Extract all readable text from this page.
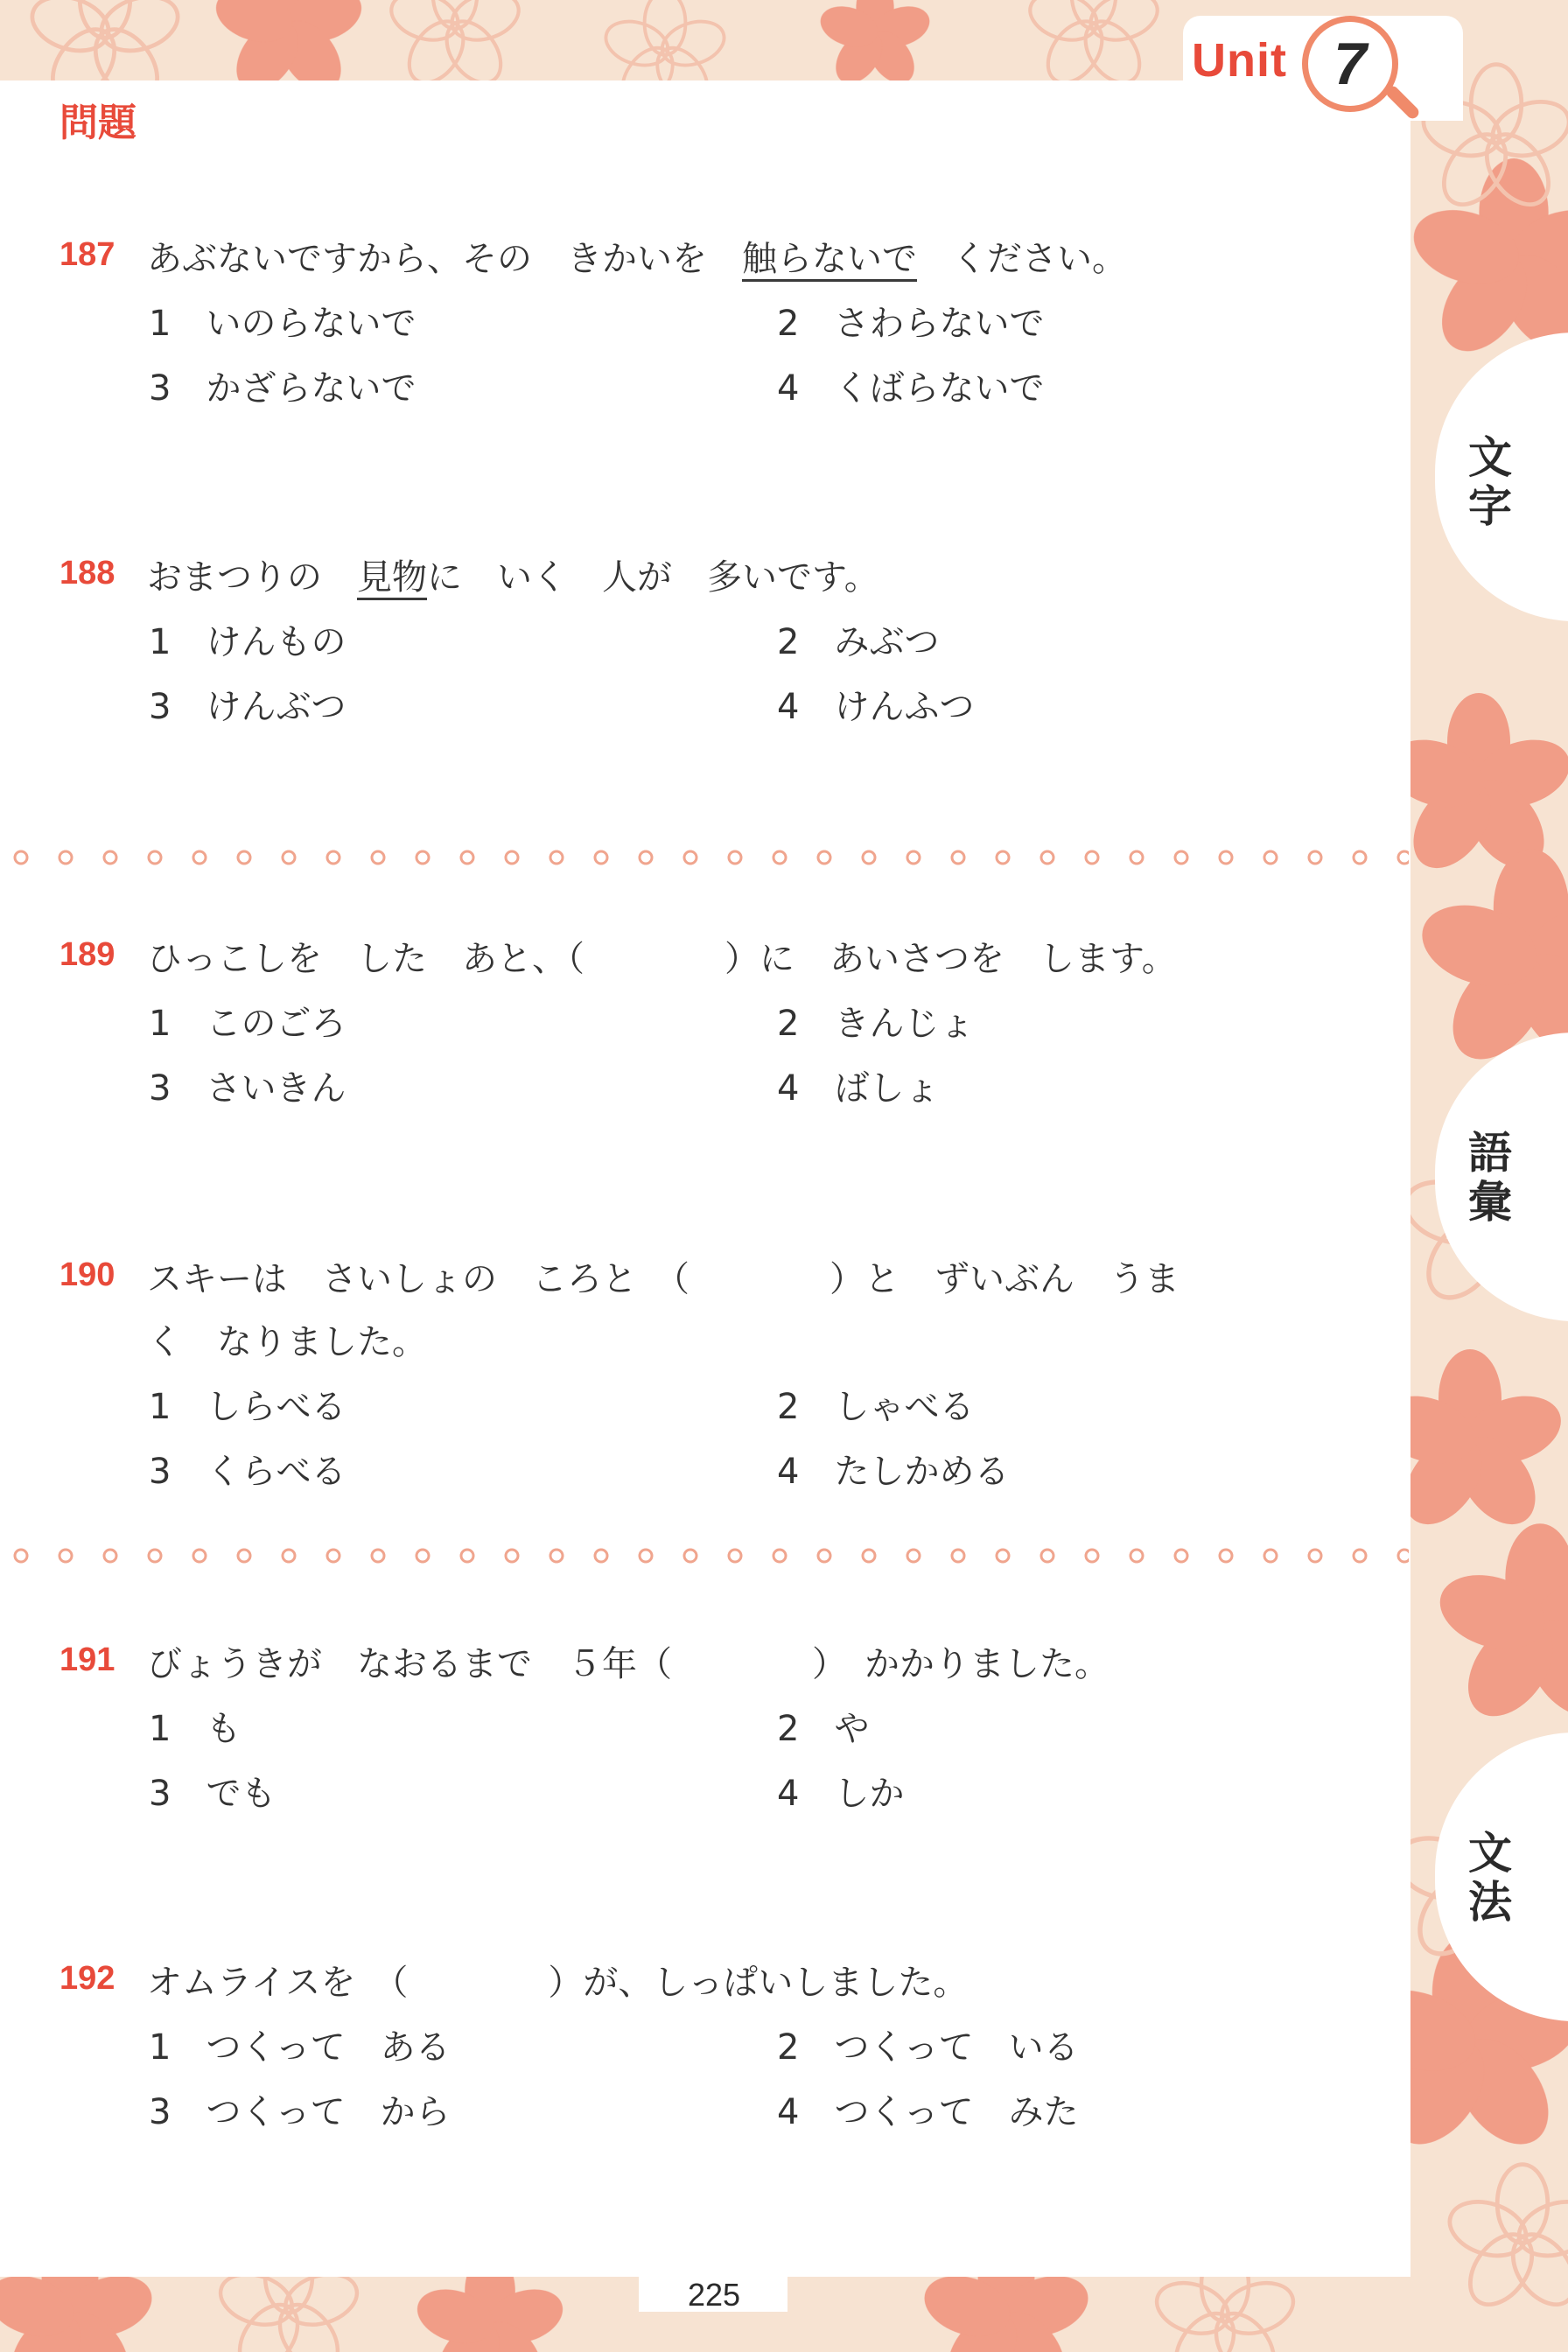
文字
語彙
文法
Unit 7
問題
187 あぶないですから、その　きかいを　触らないで　ください。
1　いのらないで	2　さわらないで
3　かざらないで	4　くばらないで
188 おまつりの　見物に　いく　人が　多いです。
1　けんもの	2　みぶつ
3　けんぶつ	4　けんふつ
189 ひっこしを　した　あと、（　　　　）に　あいさつを　します。
1　このごろ	2　きんじょ
3　さいきん	4　ばしょ
190 スキーは　さいしょの　ころと　（　　　　）と　ずいぶん　うま
く　なりました。
1　しらべる	2　しゃべる
3　くらべる	4　たしかめる
191 びょうきが　なおるまで　５年（　　　　）　かかりました。
1　も	2　や
3　でも	4　しか
192 オムライスを　（　　　　）が、しっぱいしました。
1　つくって　ある	2　つくって　いる
3　つくって　から	4　つくって　みた
225
